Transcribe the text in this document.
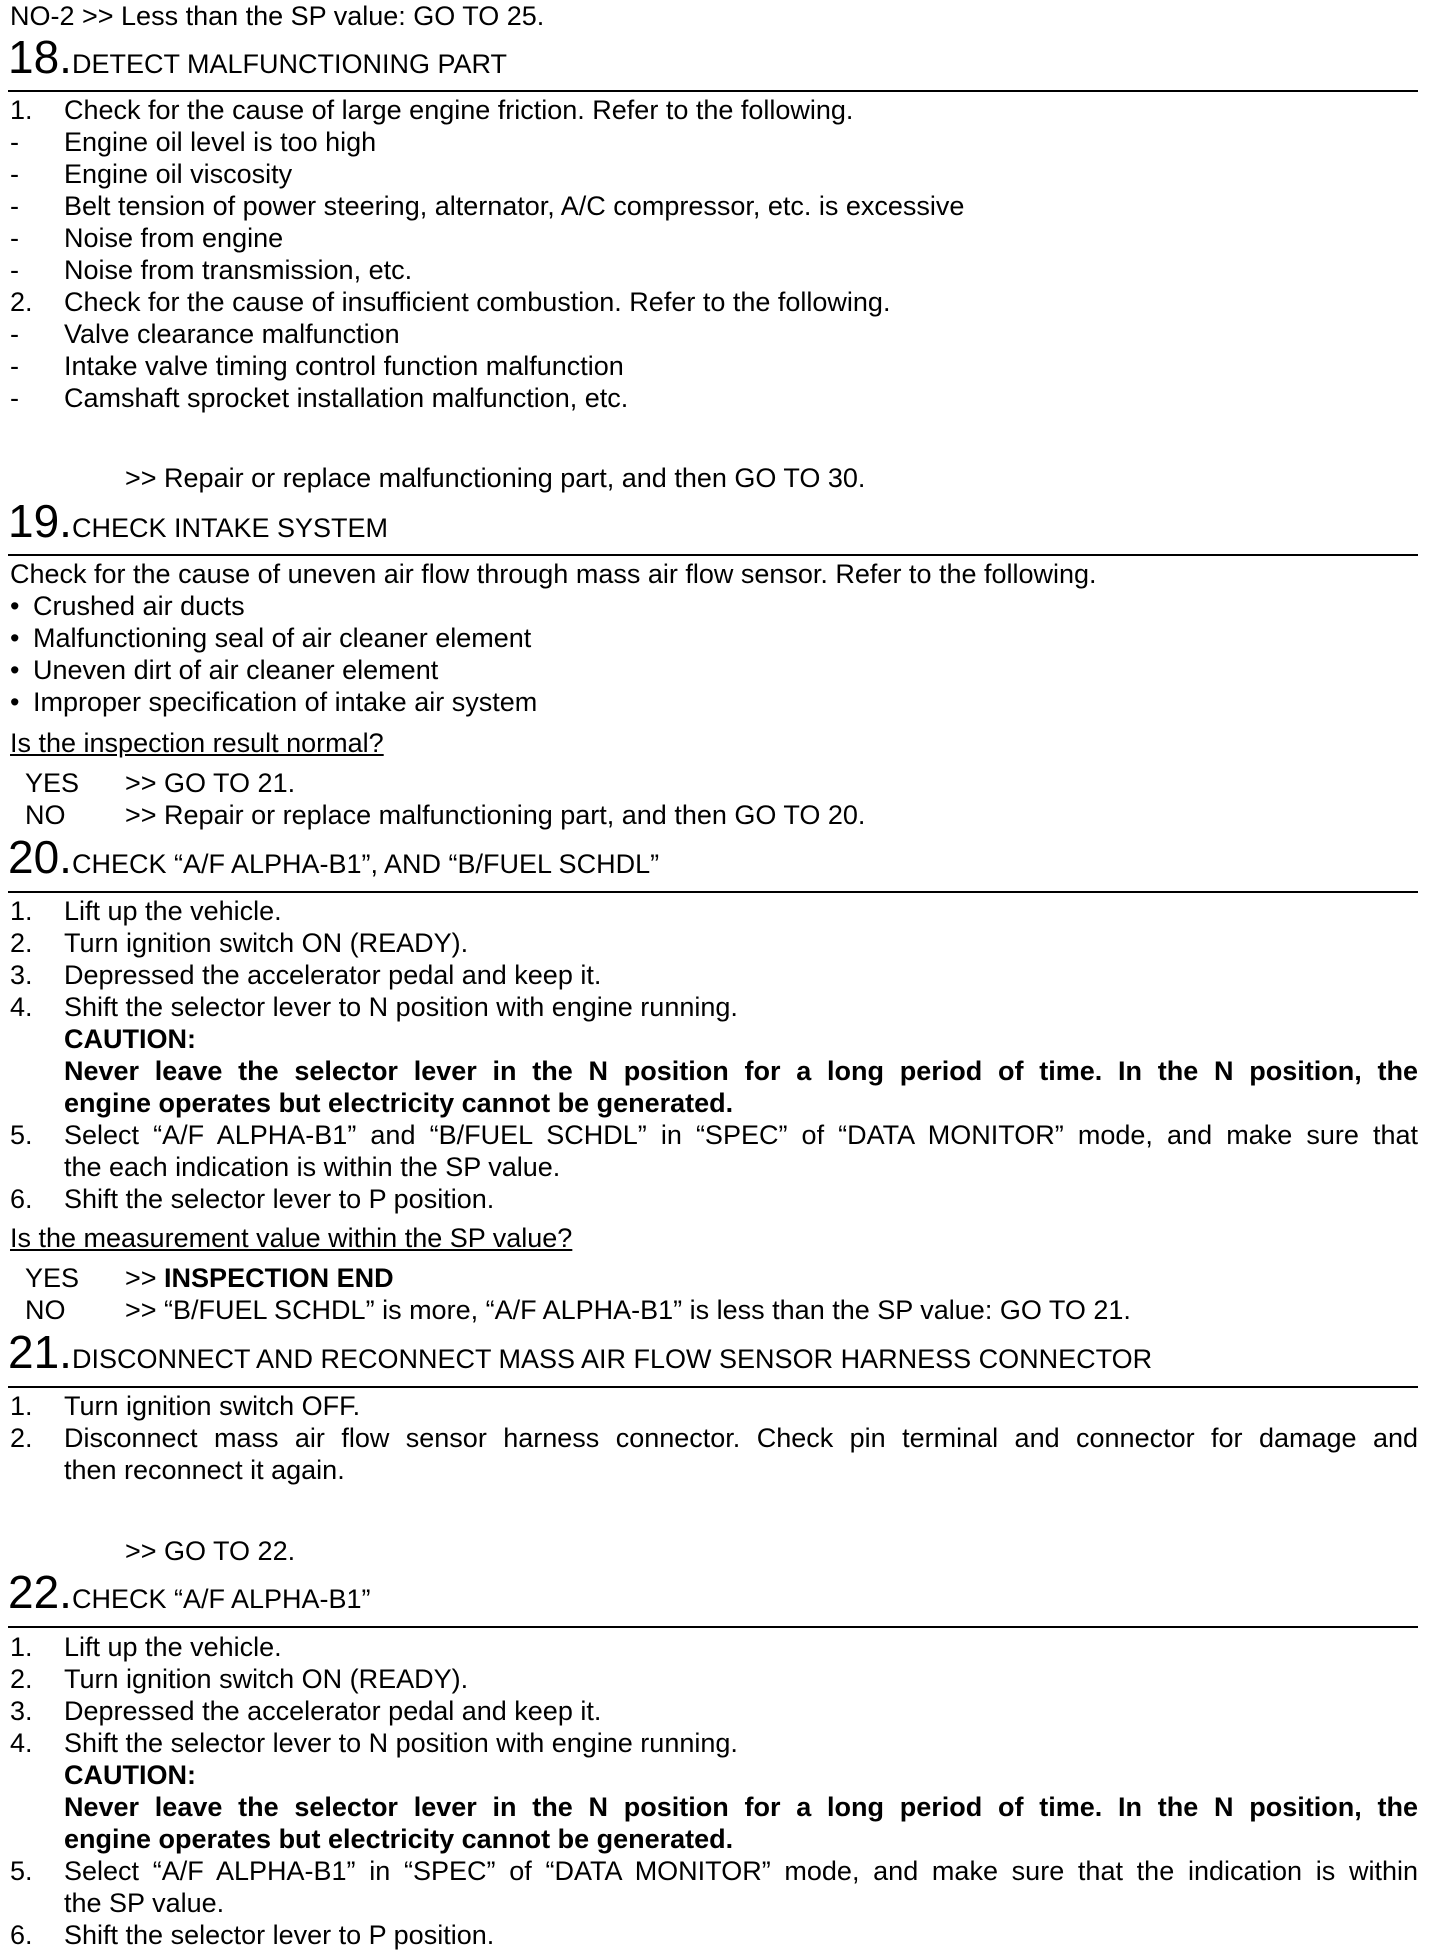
NO-2 >> Less than the SP value: GO TO 25.
18.DETECT MALFUNCTIONING PART
1.	Check for the cause of large engine friction. Refer to the following.
-	Engine oil level is too high
-	Engine oil viscosity
-	Belt tension of power steering, alternator, A/C compressor, etc. is excessive
-	Noise from engine
-	Noise from transmission, etc.
2.	Check for the cause of insufficient combustion. Refer to the following.
-	Valve clearance malfunction
-	Intake valve timing control function malfunction
-	Camshaft sprocket installation malfunction, etc.
>> Repair or replace malfunctioning part, and then GO TO 30.
19.CHECK INTAKE SYSTEM
Check for the cause of uneven air flow through mass air flow sensor. Refer to the following.
• Crushed air ducts
• Malfunctioning seal of air cleaner element
• Uneven dirt of air cleaner element
• Improper specification of intake air system
Is the inspection result normal?
YES >> GO TO 21.
NO >> Repair or replace malfunctioning part, and then GO TO 20.
20.CHECK “A/F ALPHA-B1”, AND “B/FUEL SCHDL”
1.	Lift up the vehicle.
2.	Turn ignition switch ON (READY).
3.	Depressed the accelerator pedal and keep it.
4.	Shift the selector lever to N position with engine running.
CAUTION:
Never leave the selector lever in the N position for a long period of time. In the N position, the
engine operates but electricity cannot be generated.
5.	Select “A/F ALPHA-B1” and “B/FUEL SCHDL” in “SPEC” of “DATA MONITOR” mode, and make sure that
the each indication is within the SP value.
6.	Shift the selector lever to P position.
Is the measurement value within the SP value?
YES >> INSPECTION END
NO >> “B/FUEL SCHDL” is more, “A/F ALPHA-B1” is less than the SP value: GO TO 21.
21.DISCONNECT AND RECONNECT MASS AIR FLOW SENSOR HARNESS CONNECTOR
1.	Turn ignition switch OFF.
2.	Disconnect mass air flow sensor harness connector. Check pin terminal and connector for damage and
then reconnect it again.
>> GO TO 22.
22.CHECK “A/F ALPHA-B1”
1.	Lift up the vehicle.
2.	Turn ignition switch ON (READY).
3.	Depressed the accelerator pedal and keep it.
4.	Shift the selector lever to N position with engine running.
CAUTION:
Never leave the selector lever in the N position for a long period of time. In the N position, the
engine operates but electricity cannot be generated.
5.	Select “A/F ALPHA-B1” in “SPEC” of “DATA MONITOR” mode, and make sure that the indication is within
the SP value.
6.	Shift the selector lever to P position.
